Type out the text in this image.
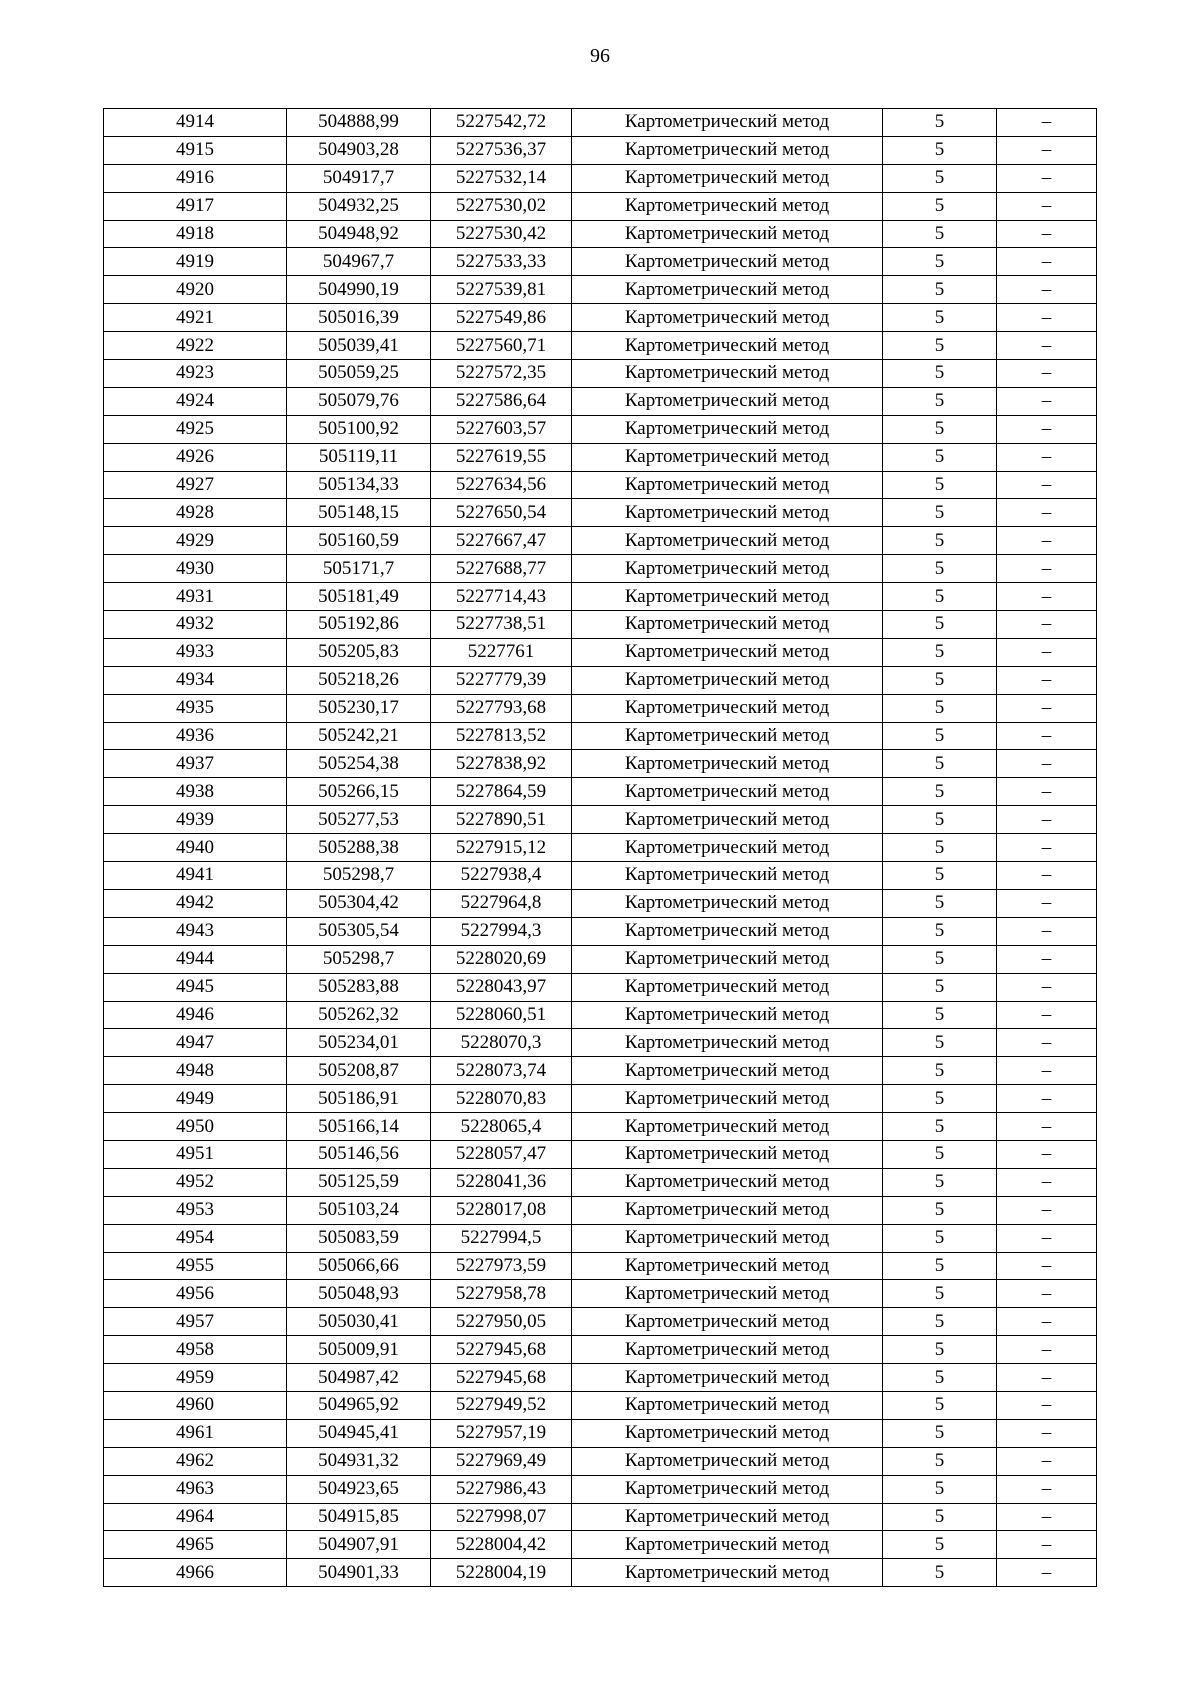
96
4914	504888,99	5227542,72	Картометрический метод	5	–
4915	504903,28	5227536,37	Картометрический метод	5	–
4916	504917,7	5227532,14	Картометрический метод	5	–
4917	504932,25	5227530,02	Картометрический метод	5	–
4918	504948,92	5227530,42	Картометрический метод	5	–
4919	504967,7	5227533,33	Картометрический метод	5	–
4920	504990,19	5227539,81	Картометрический метод	5	–
4921	505016,39	5227549,86	Картометрический метод	5	–
4922	505039,41	5227560,71	Картометрический метод	5	–
4923	505059,25	5227572,35	Картометрический метод	5	–
4924	505079,76	5227586,64	Картометрический метод	5	–
4925	505100,92	5227603,57	Картометрический метод	5	–
4926	505119,11	5227619,55	Картометрический метод	5	–
4927	505134,33	5227634,56	Картометрический метод	5	–
4928	505148,15	5227650,54	Картометрический метод	5	–
4929	505160,59	5227667,47	Картометрический метод	5	–
4930	505171,7	5227688,77	Картометрический метод	5	–
4931	505181,49	5227714,43	Картометрический метод	5	–
4932	505192,86	5227738,51	Картометрический метод	5	–
4933	505205,83	5227761	Картометрический метод	5	–
4934	505218,26	5227779,39	Картометрический метод	5	–
4935	505230,17	5227793,68	Картометрический метод	5	–
4936	505242,21	5227813,52	Картометрический метод	5	–
4937	505254,38	5227838,92	Картометрический метод	5	–
4938	505266,15	5227864,59	Картометрический метод	5	–
4939	505277,53	5227890,51	Картометрический метод	5	–
4940	505288,38	5227915,12	Картометрический метод	5	–
4941	505298,7	5227938,4	Картометрический метод	5	–
4942	505304,42	5227964,8	Картометрический метод	5	–
4943	505305,54	5227994,3	Картометрический метод	5	–
4944	505298,7	5228020,69	Картометрический метод	5	–
4945	505283,88	5228043,97	Картометрический метод	5	–
4946	505262,32	5228060,51	Картометрический метод	5	–
4947	505234,01	5228070,3	Картометрический метод	5	–
4948	505208,87	5228073,74	Картометрический метод	5	–
4949	505186,91	5228070,83	Картометрический метод	5	–
4950	505166,14	5228065,4	Картометрический метод	5	–
4951	505146,56	5228057,47	Картометрический метод	5	–
4952	505125,59	5228041,36	Картометрический метод	5	–
4953	505103,24	5228017,08	Картометрический метод	5	–
4954	505083,59	5227994,5	Картометрический метод	5	–
4955	505066,66	5227973,59	Картометрический метод	5	–
4956	505048,93	5227958,78	Картометрический метод	5	–
4957	505030,41	5227950,05	Картометрический метод	5	–
4958	505009,91	5227945,68	Картометрический метод	5	–
4959	504987,42	5227945,68	Картометрический метод	5	–
4960	504965,92	5227949,52	Картометрический метод	5	–
4961	504945,41	5227957,19	Картометрический метод	5	–
4962	504931,32	5227969,49	Картометрический метод	5	–
4963	504923,65	5227986,43	Картометрический метод	5	–
4964	504915,85	5227998,07	Картометрический метод	5	–
4965	504907,91	5228004,42	Картометрический метод	5	–
4966	504901,33	5228004,19	Картометрический метод	5	–
